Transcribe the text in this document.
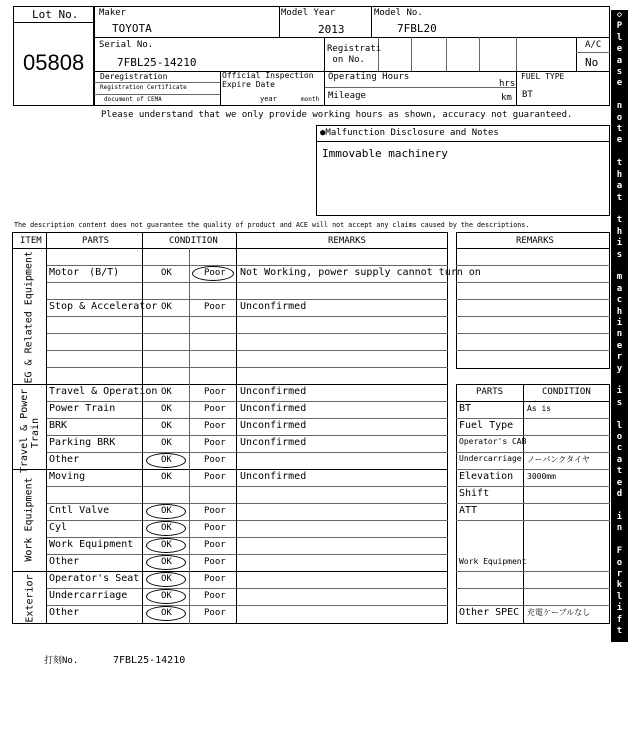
Lot No.
05808
Maker
TOYOTA
Model Year
2013
Model No.
7FBL20
Serial No.
7FBL25-14210
Registrati
on No.
A/C
No
Deregistration
Registration Certificate
document of CEMA
Official Inspection
Expire Date
year	month
Operating Hours
hrs
Mileage	km
FUEL TYPE
BT
Please understand that we only provide working hours as shown, accuracy not guaranteed.
●Malfunction Disclosure and Notes
Immovable machinery
The description content does not guarantee the quality of product and ACE will not accept any claims caused by the descriptions.
ITEM	PARTS	CONDITION	REMARKS
EG & Related Equipment
Travel & Power
Train
Work Equipment
Exterior
Motor　(B/T)	OK	Poor Not Working, power supply cannot turn on
Stop & Accelerator OK	Poor Unconfirmed
Travel & Operation OK	Poor Unconfirmed
Power Train	OK	Poor Unconfirmed
BRK	OK	Poor Unconfirmed
Parking BRK	OK	Poor Unconfirmed
Other	OK	Poor
Moving	OK	Poor Unconfirmed
Cntl Valve	OK	Poor
Cyl	OK	Poor
Work Equipment	OK	Poor
Other	OK	Poor
Operator's Seat OK	Poor
Undercarriage	OK	Poor
Other	OK	Poor
REMARKS
PARTS	CONDITION
BT	As is
Fuel Type
Operator's CAB
Undercarriage ノーパンクタイヤ
Elevation 3000mm
Shift
ATT
Work Equipment
Other SPEC 充電ケーブルなし
◇
P
l
e
a
s
e

n
o
t
e

t
h
a
t

t
h
i
s

m
a
c
h
i
n
e
r
y

i
s

l
o
c
a
t
e
d

i
n

F
o
r
k
l
i
f
t

P
a
r
k
i
n
g
◇
打刻No.	7FBL25-14210
